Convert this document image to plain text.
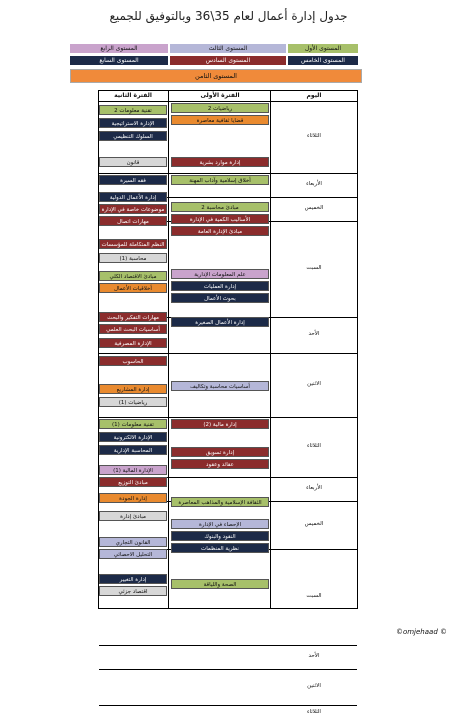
جدول إدارة أعمال لعام 35\36 وبالتوفيق للجميع
المستوى الأول
المستوى الثالث
المستوى الرابع
المستوى الخامس
المستوى السادس
المستوى السابع
المستوى الثامن
اليوم
الفترة الأولى
الفترة الثانية
الثلاثاء
الأربعاء
الخميس
السبت
الأحد
الاثنين
الثلاثاء
الأربعاء
الخميس
السبت
الأحد
الاثنين
الثلاثاء
رياضيات 2
قضايا ثقافية معاصرة
إدارة موارد بشرية
أخلاق إسلامية وآداب المهنة
مبادئ محاسبة 2
الأساليب الكمية في الإدارة
مبادئ الإدارة العامة
علم المعلومات الإدارية
إدارة العمليات
بحوث الأعمال
إدارة الأعمال الصغيرة
أساسيات محاسبة وتكاليف
إدارة مالية (2)
إدارة تسويق
عقائد وعقود
الثقافة الإسلامية والمذاهب المعاصرة
الإحصاء في الإدارة
النقود والبنوك
نظرية المنظمات
الصحة واللياقة
تقنية معلومات 2
الإدارة الاستراتيجية
السلوك التنظيمي
قانون
فقه السيرة
إدارة الأعمال الدولية
موضوعات خاصة في الإدارة
مهارات اتصال
النظم المتكاملة للمؤسسات
محاسبة (1)
مبادئ الاقتصاد الكلي
أخلاقيات الأعمال
مهارات التفكير والبحث
أساسيات البحث العلمي
الإدارة المصرفية
الحاسوب
إدارة المشاريع
رياضيات (1)
تقنية معلومات (1)
الإدارة الالكترونية
المحاسبة الإدارية
الإدارة المالية (1)
مبادئ التوزيع
إدارة الجودة
مبادئ إدارة
القانون التجاري
التحليل الاحصائي
إدارة التغيير
اقتصاد جزئي
©omjehaad ©
